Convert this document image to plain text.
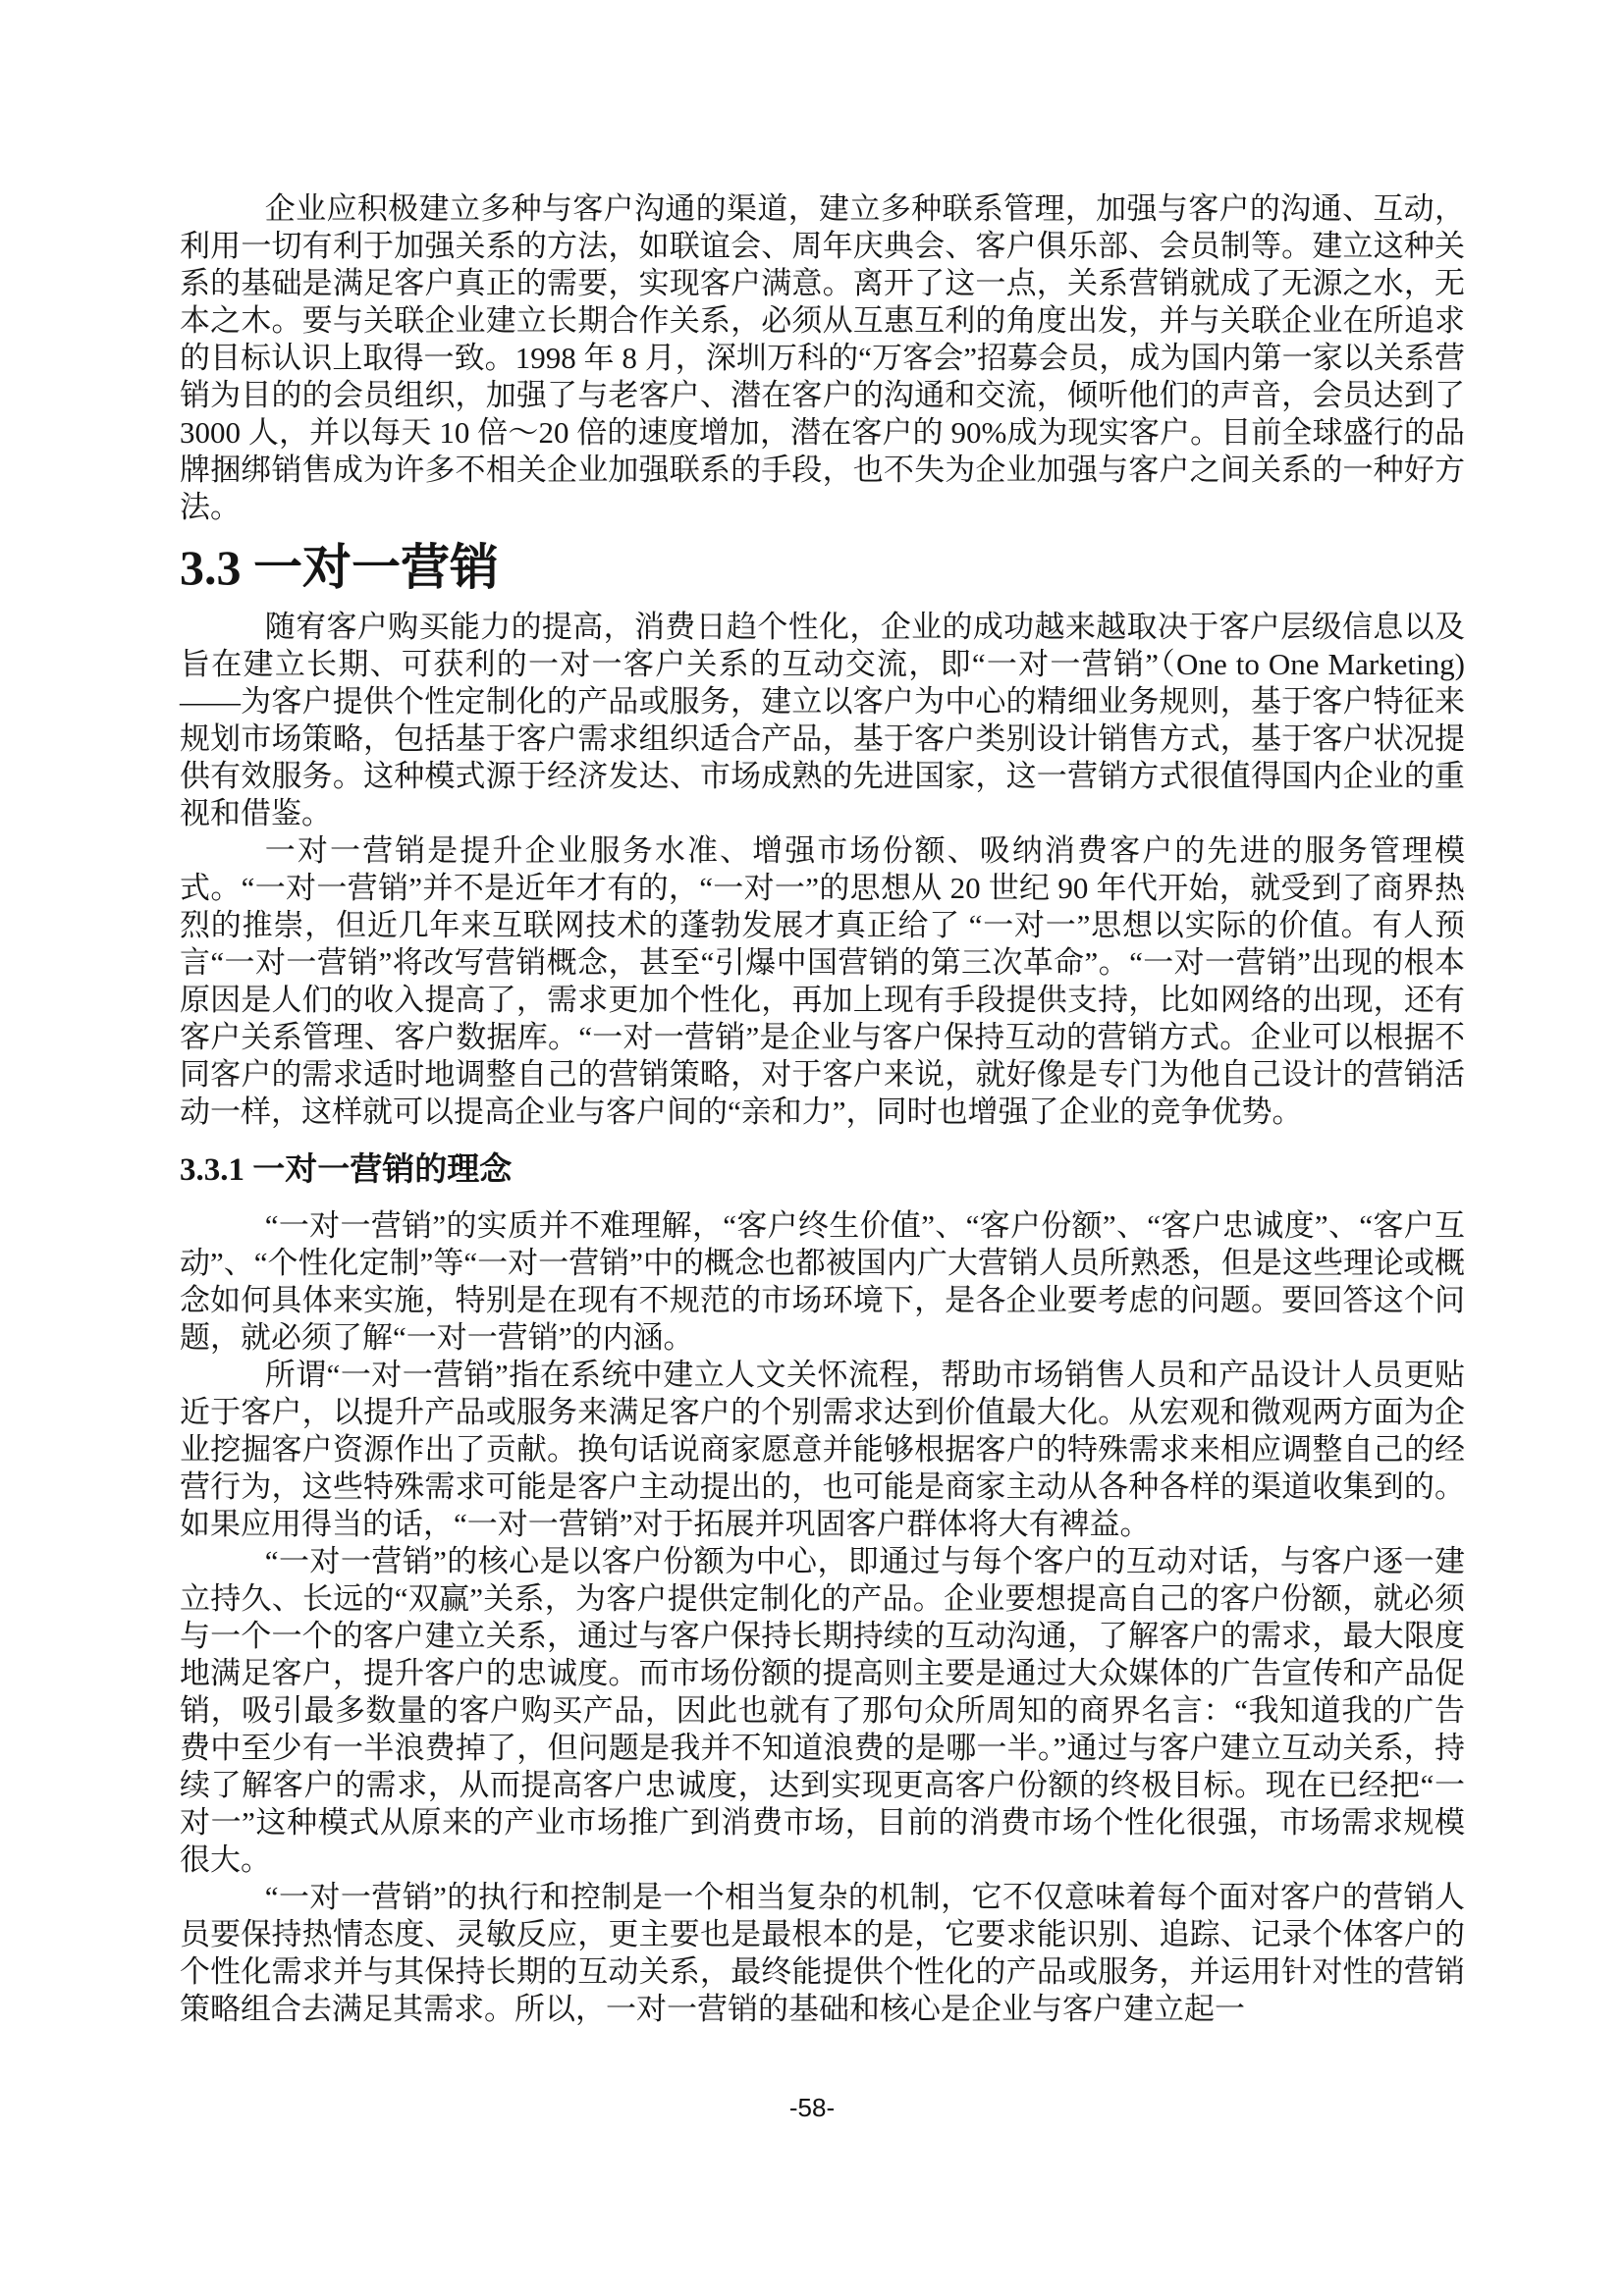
企业应积极建立多种与客户沟通的渠道，建立多种联系管理，加强与客户的沟通、互动，利用一切有利于加强关系的方法，如联谊会、周年庆典会、客户俱乐部、会员制等。建立这种关系的基础是满足客户真正的需要，实现客户满意。离开了这一点，关系营销就成了无源之水，无本之木。要与关联企业建立长期合作关系，必须从互惠互利的角度出发，并与关联企业在所追求的目标认识上取得一致。1998 年 8 月，深圳万科的“万客会”招募会员，成为国内第一家以关系营销为目的的会员组织，加强了与老客户、潜在客户的沟通和交流，倾听他们的声音，会员达到了 3000 人，并以每天 10 倍～20 倍的速度增加，潜在客户的 90%成为现实客户。目前全球盛行的品牌捆绑销售成为许多不相关企业加强联系的手段，也不失为企业加强与客户之间关系的一种好方法。

3.3 一对一营销

随宥客户购买能力的提高，消费日趋个性化，企业的成功越来越取决于客户层级信息以及旨在建立长期、可获利的一对一客户关系的互动交流，即“一对一营销”（One to One Marketing)——为客户提供个性定制化的产品或服务，建立以客户为中心的精细业务规则，基于客户特征来规划市场策略，包括基于客户需求组织适合产品，基于客户类别设计销售方式，基于客户状况提供有效服务。这种模式源于经济发达、市场成熟的先进国家，这一营销方式很值得国内企业的重视和借鉴。

一对一营销是提升企业服务水准、增强市场份额、吸纳消费客户的先进的服务管理模式。“一对一营销”并不是近年才有的，“一对一”的思想从 20 世纪 90 年代开始，就受到了商界热烈的推崇，但近几年来互联网技术的蓬勃发展才真正给了 “一对一”思想以实际的价值。有人预言“一对一营销”将改写营销概念，甚至“引爆中国营销的第三次革命”。“一对一营销”出现的根本原因是人们的收入提高了，需求更加个性化，再加上现有手段提供支持，比如网络的出现，还有客户关系管理、客户数据库。“一对一营销”是企业与客户保持互动的营销方式。企业可以根据不同客户的需求适时地调整自己的营销策略，对于客户来说，就好像是专门为他自己设计的营销活动一样，这样就可以提高企业与客户间的“亲和力”，同时也增强了企业的竞争优势。

3.3.1 一对一营销的理念

“一对一营销”的实质并不难理解，“客户终生价值”、“客户份额”、“客户忠诚度”、“客户互动”、“个性化定制”等“一对一营销”中的概念也都被国内广大营销人员所熟悉，但是这些理论或概念如何具体来实施，特别是在现有不规范的市场环境下，是各企业要考虑的问题。要回答这个问题，就必须了解“一对一营销”的内涵。

所谓“一对一营销”指在系统中建立人文关怀流程，帮助市场销售人员和产品设计人员更贴近于客户，以提升产品或服务来满足客户的个别需求达到价值最大化。从宏观和微观两方面为企业挖掘客户资源作出了贡献。换句话说商家愿意并能够根据客户的特殊需求来相应调整自己的经营行为，这些特殊需求可能是客户主动提出的，也可能是商家主动从各种各样的渠道收集到的。如果应用得当的话，“一对一营销”对于拓展并巩固客户群体将大有裨益。

“一对一营销”的核心是以客户份额为中心，即通过与每个客户的互动对话，与客户逐一建立持久、长远的“双赢”关系，为客户提供定制化的产品。企业要想提高自己的客户份额，就必须与一个一个的客户建立关系，通过与客户保持长期持续的互动沟通，了解客户的需求，最大限度地满足客户，提升客户的忠诚度。而市场份额的提高则主要是通过大众媒体的广告宣传和产品促销，吸引最多数量的客户购买产品，因此也就有了那句众所周知的商界名言：“我知道我的广告费中至少有一半浪费掉了，但问题是我并不知道浪费的是哪一半。”通过与客户建立互动关系，持续了解客户的需求，从而提高客户忠诚度，达到实现更高客户份额的终极目标。现在已经把“一对一”这种模式从原来的产业市场推广到消费市场，目前的消费市场个性化很强，市场需求规模很大。

“一对一营销”的执行和控制是一个相当复杂的机制，它不仅意味着每个面对客户的营销人员要保持热情态度、灵敏反应，更主要也是最根本的是，它要求能识别、追踪、记录个体客户的个性化需求并与其保持长期的互动关系，最终能提供个性化的产品或服务，并运用针对性的营销策略组合去满足其需求。所以，一对一营销的基础和核心是企业与客户建立起一

-58-
